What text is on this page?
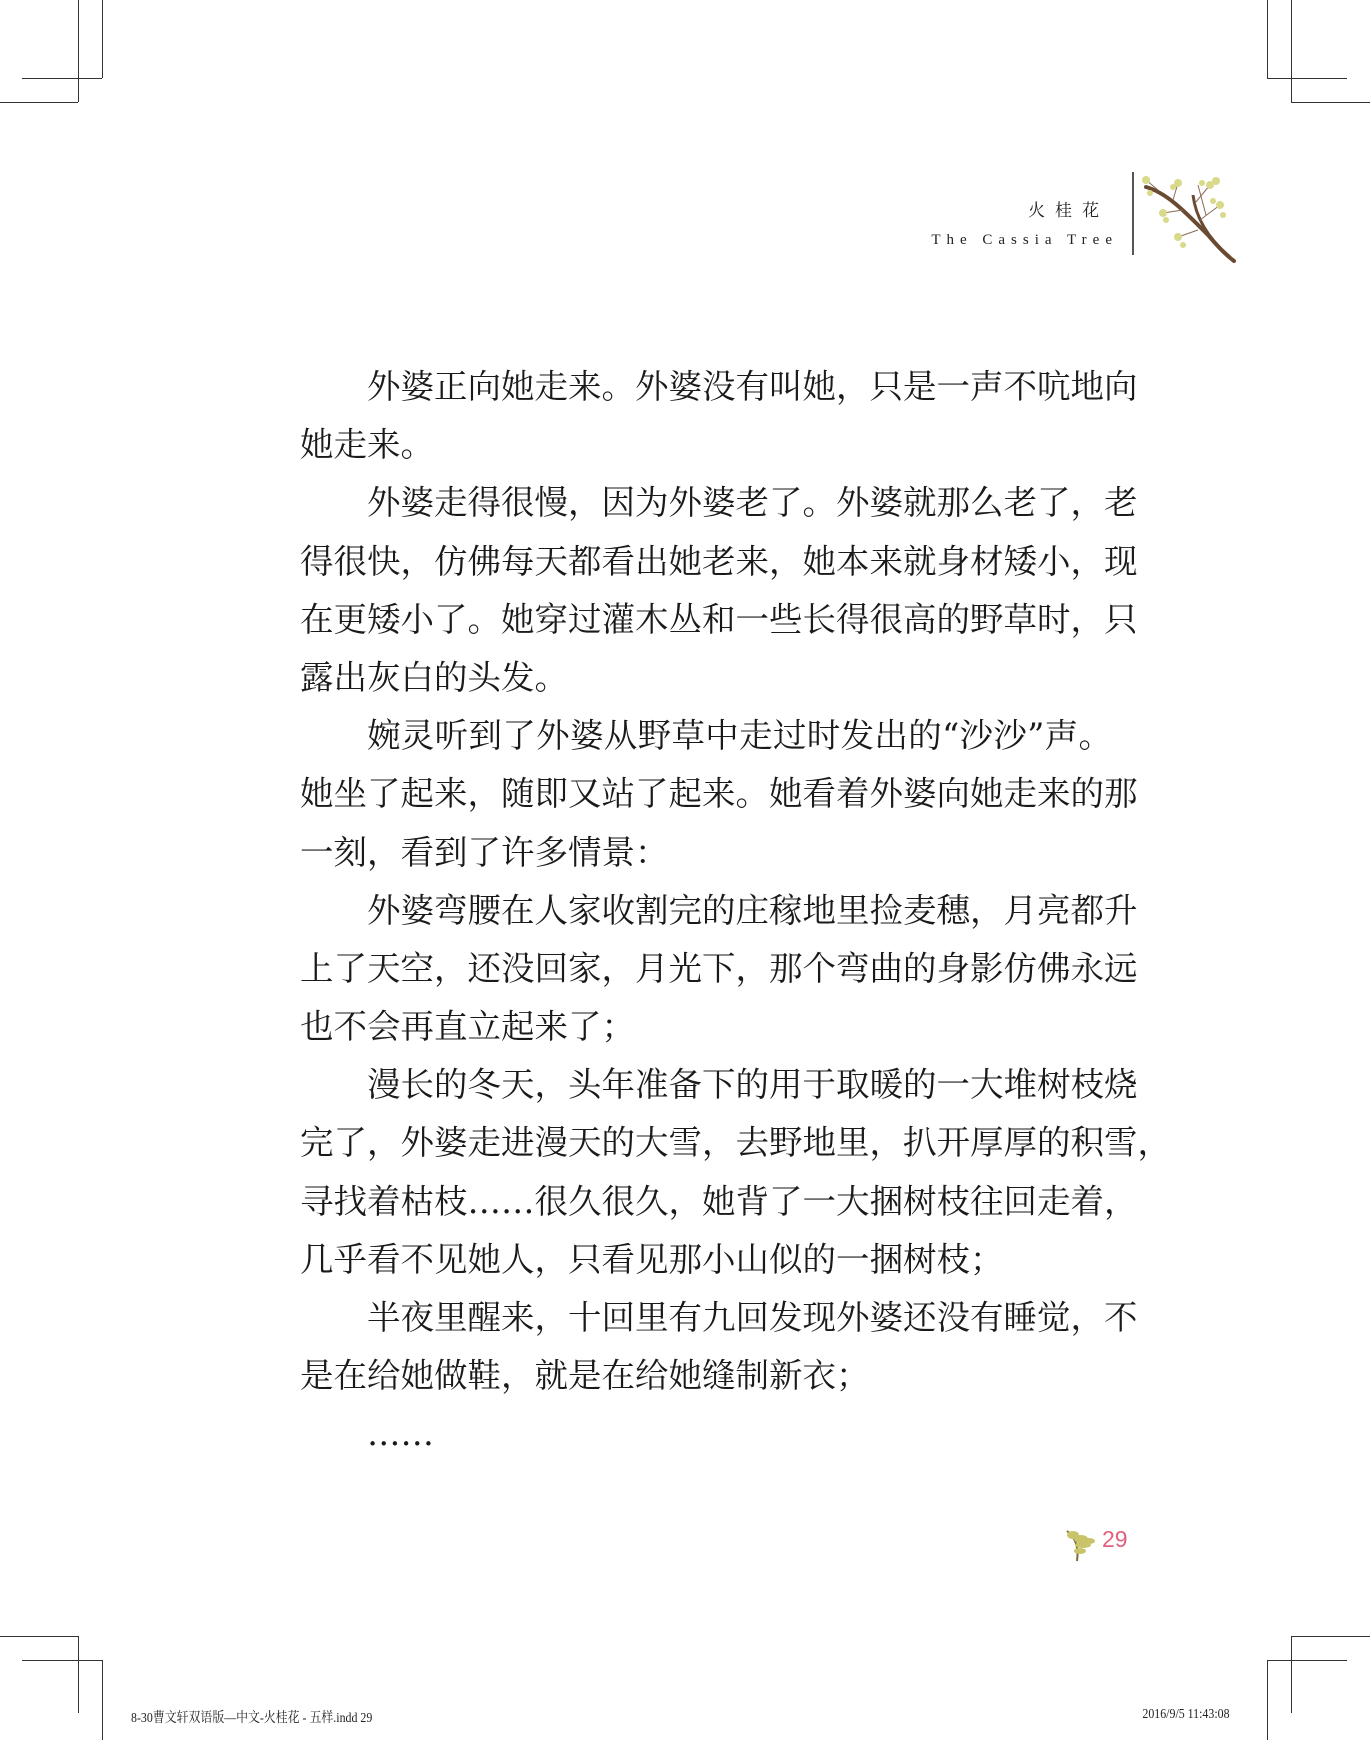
火桂花
The Cassia Tree
外婆正向她走来。外婆没有叫她，只是一声不吭地向
她走来。
外婆走得很慢，因为外婆老了。外婆就那么老了，老
得很快，仿佛每天都看出她老来，她本来就身材矮小，现
在更矮小了。她穿过灌木丛和一些长得很高的野草时，只
露出灰白的头发。
婉灵听到了外婆从野草中走过时发出的“沙沙”声。
她坐了起来，随即又站了起来。她看着外婆向她走来的那
一刻，看到了许多情景：
外婆弯腰在人家收割完的庄稼地里捡麦穗，月亮都升
上了天空，还没回家，月光下，那个弯曲的身影仿佛永远
也不会再直立起来了；
漫长的冬天，头年准备下的用于取暖的一大堆树枝烧
完了，外婆走进漫天的大雪，去野地里，扒开厚厚的积雪，
寻找着枯枝……很久很久，她背了一大捆树枝往回走着，
几乎看不见她人，只看见那小山似的一捆树枝；
半夜里醒来，十回里有九回发现外婆还没有睡觉，不
是在给她做鞋，就是在给她缝制新衣；
……
29
8-30曹文轩双语版—中文-火桂花 - 五样.indd 29	2016/9/5 11:43:08
